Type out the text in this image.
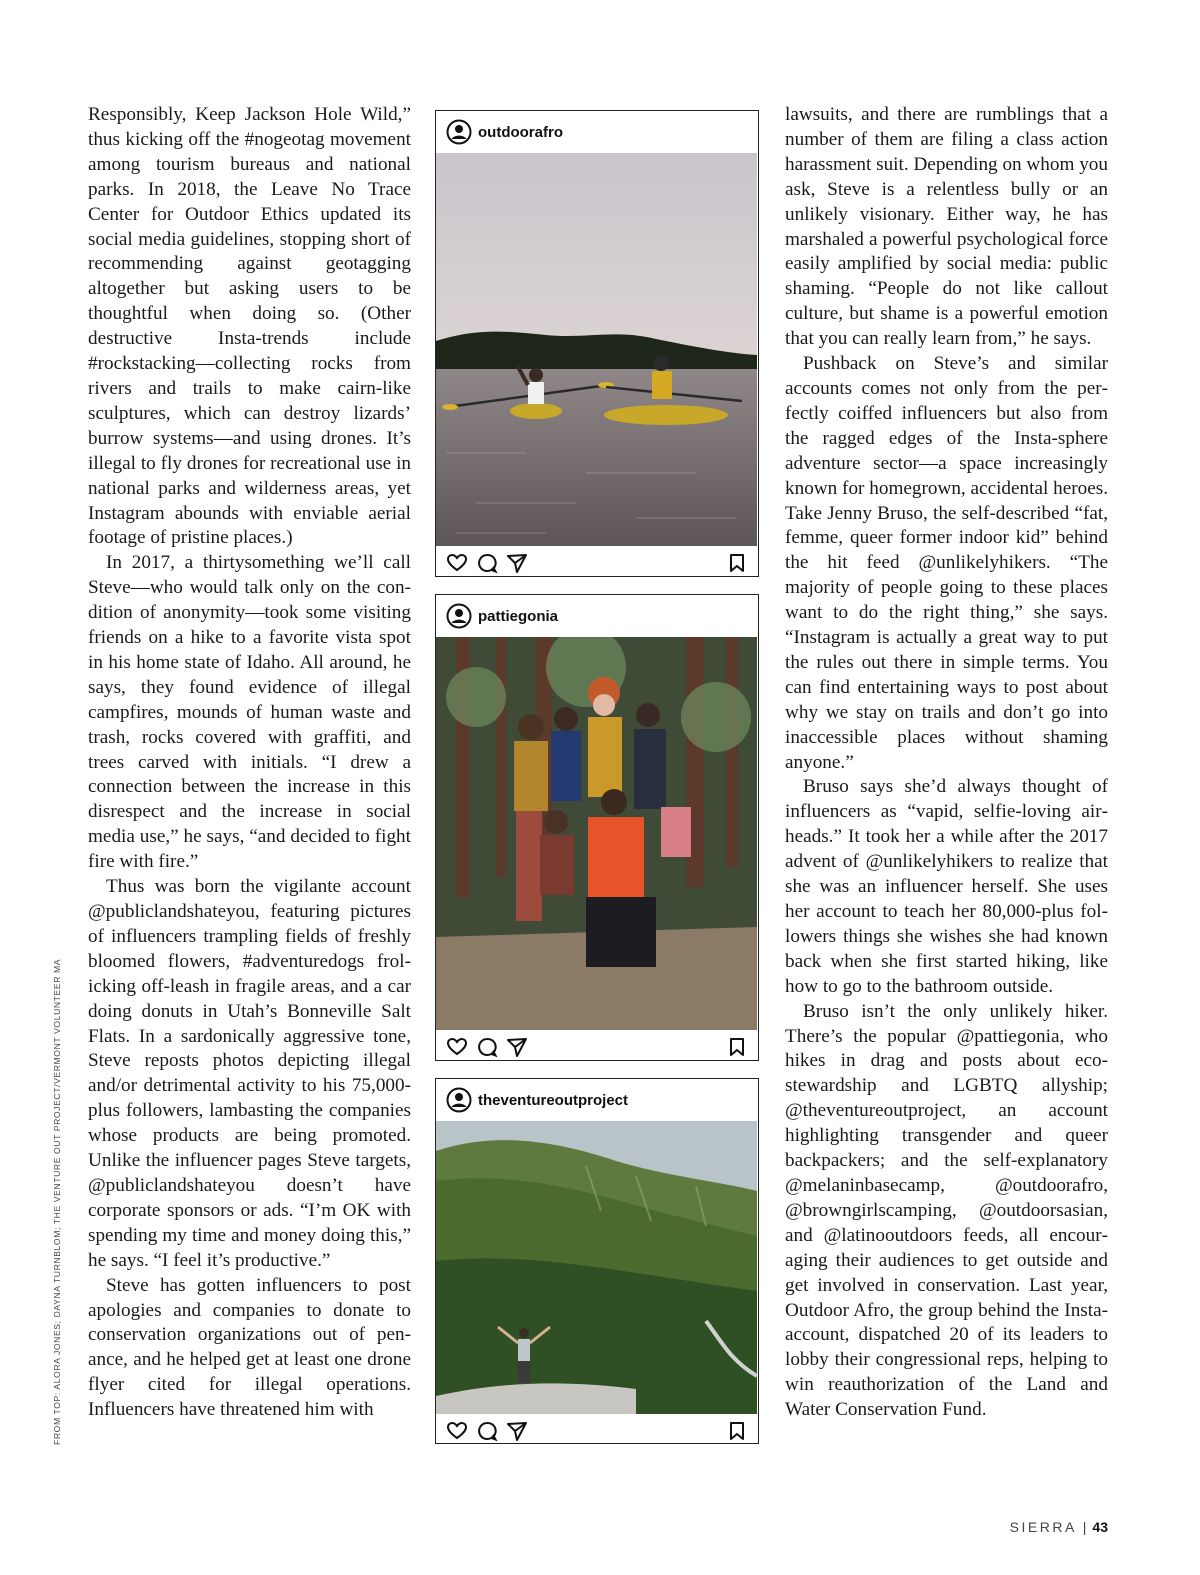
Responsibly, Keep Jackson Hole Wild,” thus kicking off the #nogeotag movement among tourism bureaus and national parks. In 2018, the Leave No Trace Center for Outdoor Ethics updated its social media guidelines, stopping short of recommending against geotagging altogether but asking users to be thoughtful when doing so. (Other destructive Insta-trends include #rockstacking—collecting rocks from rivers and trails to make cairn-like sculptures, which can destroy lizards’ burrow systems—and using drones. It’s illegal to fly drones for recreational use in national parks and wilderness areas, yet Instagram abounds with enviable aerial footage of pristine places.)

In 2017, a thirtysomething we’ll call Steve—who would talk only on the condition of anonymity—took some visiting friends on a hike to a favorite vista spot in his home state of Idaho. All around, he says, they found evidence of illegal campfires, mounds of human waste and trash, rocks covered with graffiti, and trees carved with initials. “I drew a connection between the increase in this disrespect and the increase in social media use,” he says, “and decided to fight fire with fire.”

Thus was born the vigilante account @publiclandshateyou, featuring pictures of influencers trampling fields of freshly bloomed flowers, #adventuredogs frolicking off-leash in fragile areas, and a car doing donuts in Utah’s Bonneville Salt Flats. In a sardonically aggressive tone, Steve reposts photos depicting illegal and/or detrimental activity to his 75,000-plus followers, lambasting the companies whose products are being promoted. Unlike the influencer pages Steve targets, @publiclandshateyou doesn’t have corporate sponsors or ads. “I’m OK with spending my time and money doing this,” he says. “I feel it’s productive.”

Steve has gotten influencers to post apologies and companies to donate to conservation organizations out of penance, and he helped get at least one drone flyer cited for illegal operations. Influencers have threatened him with

lawsuits, and there are rumblings that a number of them are filing a class action harassment suit. Depending on whom you ask, Steve is a relentless bully or an unlikely visionary. Either way, he has marshaled a powerful psychological force easily amplified by social media: public shaming. “People do not like callout culture, but shame is a powerful emotion that you can really learn from,” he says.

Pushback on Steve’s and similar accounts comes not only from the perfectly coiffed influencers but also from the ragged edges of the Insta-sphere adventure sector—a space increasingly known for homegrown, accidental heroes. Take Jenny Bruso, the self-described “fat, femme, queer former indoor kid” behind the hit feed @unlikelyhikers. “The majority of people going to these places want to do the right thing,” she says. “Instagram is actually a great way to put the rules out there in simple terms. You can find entertaining ways to post about why we stay on trails and don’t go into inaccessible places without shaming anyone.”

Bruso says she’d always thought of influencers as “vapid, selfie-loving airheads.” It took her a while after the 2017 advent of @unlikelyhikers to realize that she was an influencer herself. She uses her account to teach her 80,000-plus followers things she wishes she had known back when she first started hiking, like how to go to the bathroom outside.

Bruso isn’t the only unlikely hiker. There’s the popular @pattiegonia, who hikes in drag and posts about eco-stewardship and LGBTQ allyship; @theventureoutproject, an account highlighting transgender and queer backpackers; and the self-explanatory @melaninbasecamp, @outdoorafro, @browngirlscamping, @outdoorsasian, and @latinooutdoors feeds, all encouraging their audiences to get outside and get involved in conservation. Last year, Outdoor Afro, the group behind the Insta-account, dispatched 20 of its leaders to lobby their congressional reps, helping to win reauthorization of the Land and Water Conservation Fund.

FROM TOP: ALORA JONES; DAYNA TURNBLOM; THE VENTURE OUT PROJECT/VERMONT VOLUNTEER MA
outdoorafro
pattiegonia
theventureoutproject
SIERRA | 43
